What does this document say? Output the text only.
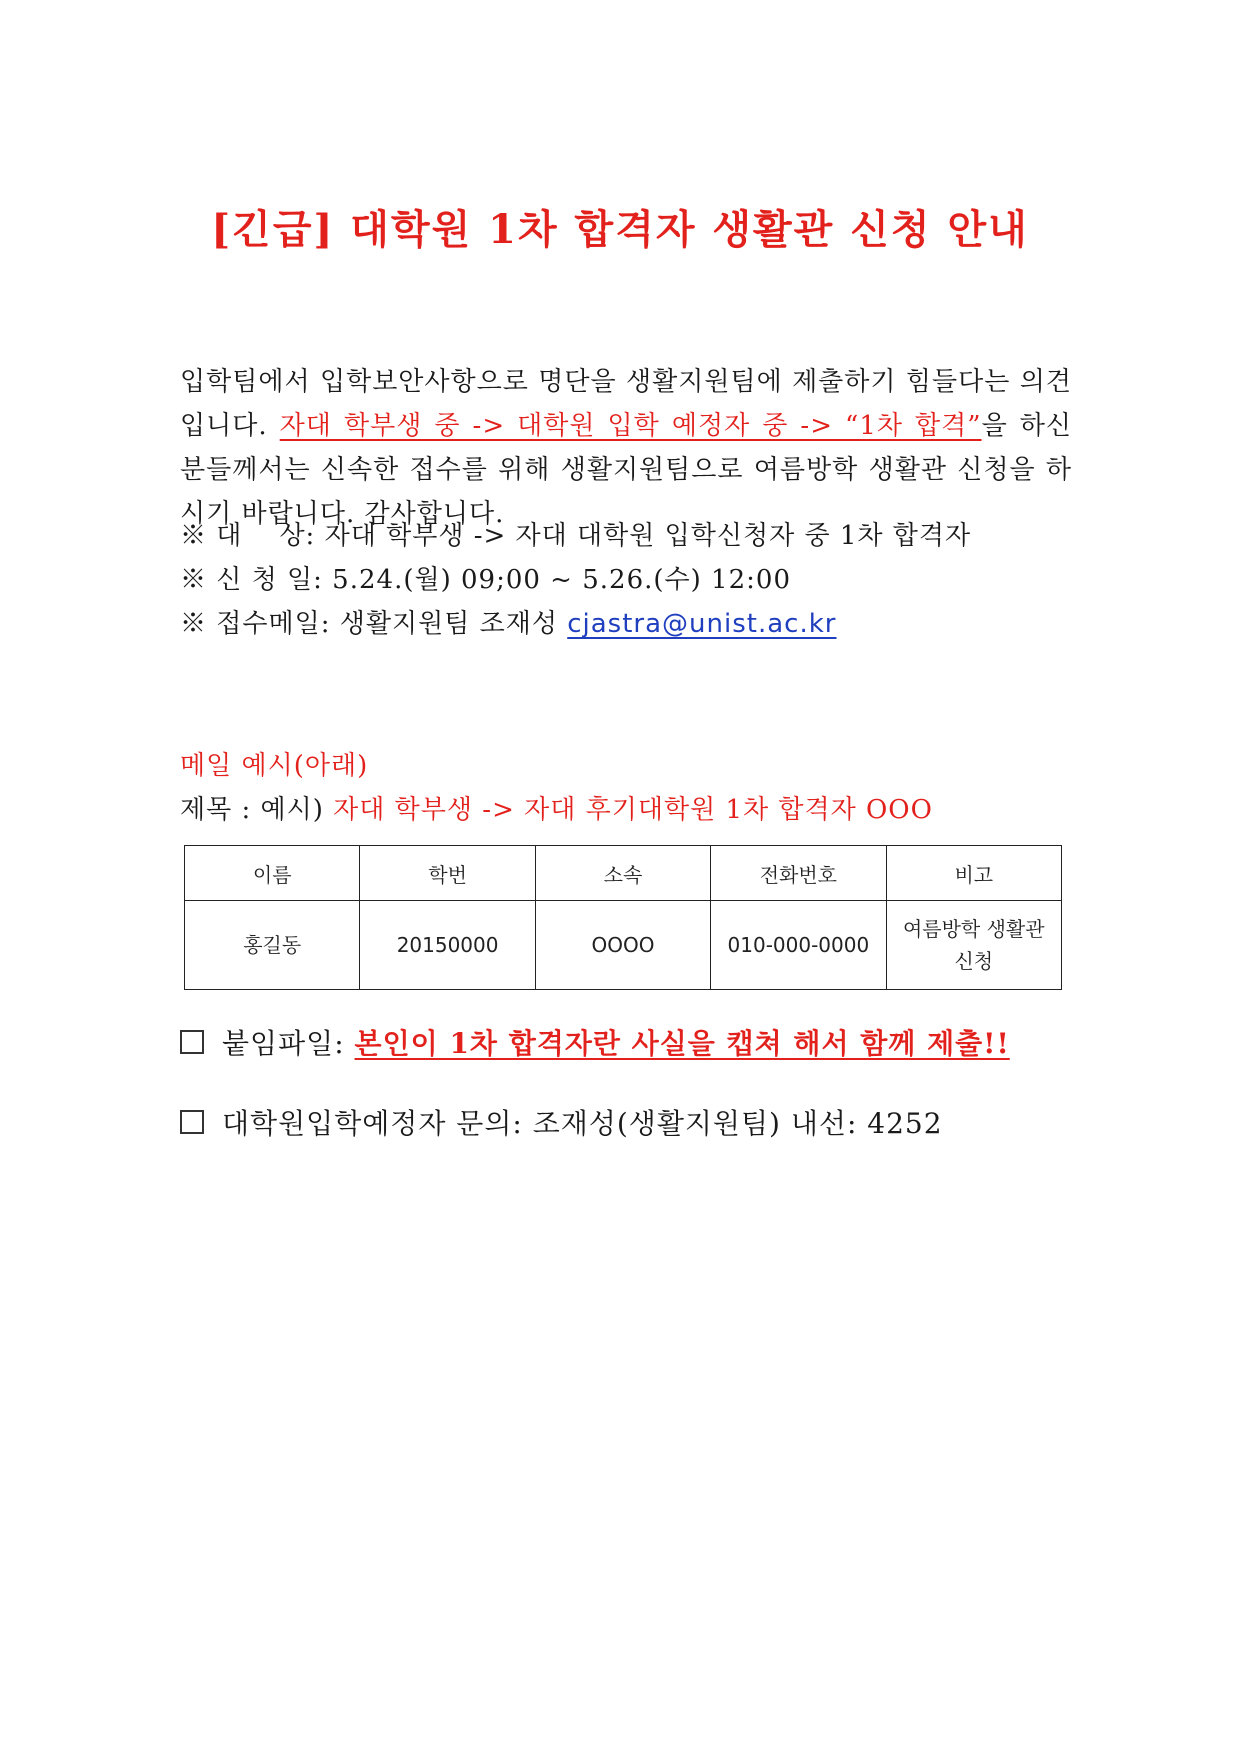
[긴급] 대학원 1차 합격자 생활관 신청 안내
입학팀에서 입학보안사항으로 명단을 생활지원팀에 제출하기 힘들다는 의견입니다. 자대 학부생 중 -> 대학원 입학 예정자 중 -> “1차 합격”을 하신 분들께서는 신속한 접수를 위해 생활지원팀으로 여름방학 생활관 신청을 하시기 바랍니다. 감사합니다.
※ 대    상: 자대 학부생 -> 자대 대학원 입학신청자 중 1차 합격자
※ 신 청 일: 5.24.(월) 09;00 ~ 5.26.(수) 12:00
※ 접수메일: 생활지원팀 조재성 cjastra@unist.ac.kr
메일 예시(아래)
제목 : 예시) 자대 학부생 -> 자대 후기대학원 1차 합격자 OOO
이름	학번	소속	전화번호	비고
홍길동	20150000	OOOO	010-000-0000	여름방학 생활관 신청
붙임파일: 본인이 1차 합격자란 사실을 캡쳐 해서 함께 제출!!
대학원입학예정자 문의: 조재성(생활지원팀) 내선: 4252
